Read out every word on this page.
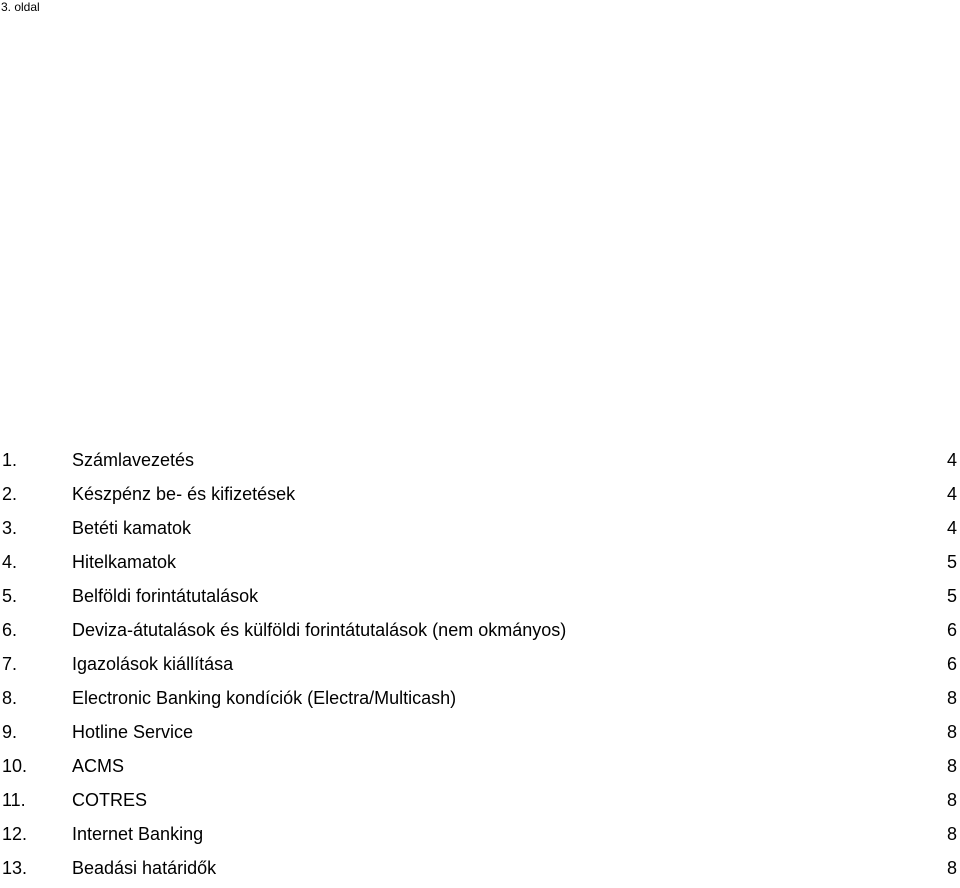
3. oldal
1.	Számlavezetés	4
2.	Készpénz be- és kifizetések	4
3.	Betéti kamatok	4
4.	Hitelkamatok	5
5.	Belföldi forintátutalások	5
6.	Deviza-átutalások és külföldi forintátutalások (nem okmányos)	6
7.	Igazolások kiállítása	6
8.	Electronic Banking kondíciók (Electra/Multicash)	8
9.	Hotline Service	8
10. ACMS	8
11.	COTRES	8
12. Internet Banking	8
13. Beadási határidők	8
